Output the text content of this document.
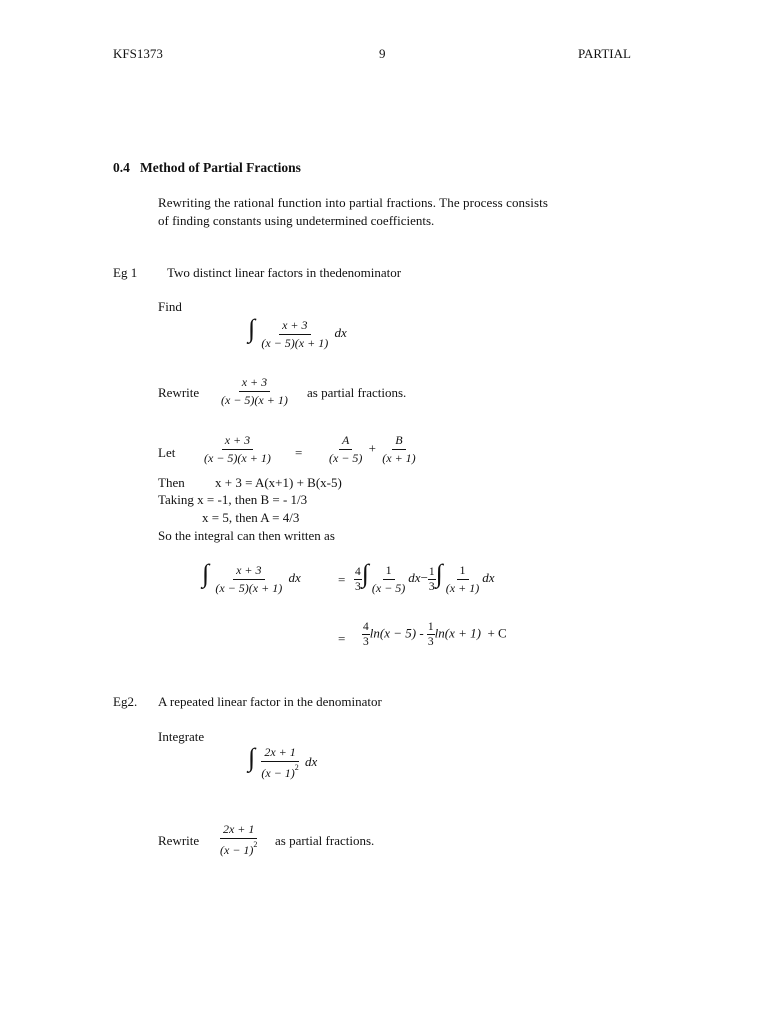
KFS1373	9	PARTIAL
0.4 Method of Partial Fractions
Rewriting the rational function into partial fractions. The process consists
of finding constants using undetermined coefficients.
Eg 1 Two distinct linear factors in thedenominator
Find
∫ $\frac{x + 3}{(x - 5)(x + 1)}$ dx
Rewrite $\frac{x + 3}{(x - 5)(x + 1)}$ as partial fractions.
Let $\frac{x + 3}{(x - 5)(x + 1)} = \frac{A}{(x - 5)} + \frac{B}{(x + 1)}$
Then x + 3 = A(x+1) + B(x-5)
Taking x = -1, then B = - 1/3
x = 5, then A = 4/3
So the integral can then written as
∫ $\frac{x + 3}{(x - 5)(x + 1)}$ dx	= $\frac{4}{3}$ ∫ $\frac{1}{(x - 5)} dx- \frac{1}{3}$ ∫ $\frac{1}{(x + 1)}$ dx
= $\frac{4}{3} \ln(x - 5) - \frac{1}{3} \ln(x + 1) + C$
Eg2. A repeated linear factor in the denominator
Integrate
∫ $\frac{2x + 1}{(x - 1)^2}$ dx
Rewrite $\frac{2x + 1}{(x - 1)^2}$ as partial fractions.
